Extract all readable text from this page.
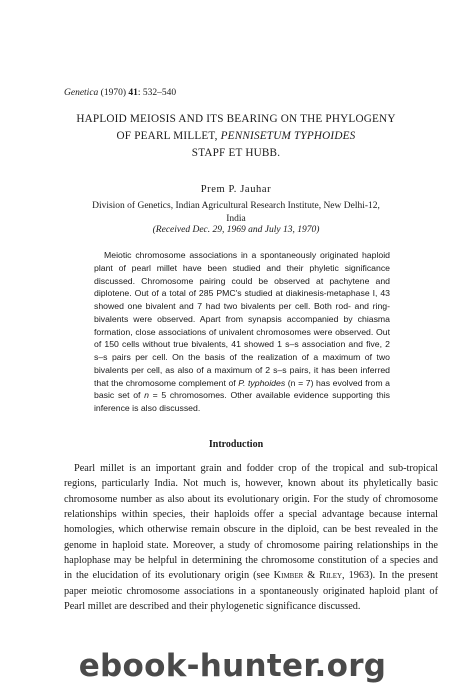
Genetica (1970) 41: 532–540
HAPLOID MEIOSIS AND ITS BEARING ON THE PHYLOGENY
OF PEARL MILLET, PENNISETUM TYPHOIDES
STAPF ET HUBB.
Prem P. Jauhar
Division of Genetics, Indian Agricultural Research Institute, New Delhi-12,
India
(Received Dec. 29, 1969 and July 13, 1970)

Meiotic chromosome associations in a spontaneously originated haploid plant of pearl millet have been studied and their phyletic significance discussed. Chromosome pairing could be observed at pachytene and diplotene. Out of a total of 285 PMC's studied at diakinesis-metaphase I, 43 showed one bivalent and 7 had two bivalents per cell. Both rod- and ring-bivalents were observed. Apart from synapsis accompanied by chiasma formation, close associations of univalent chromosomes were observed. Out of 150 cells without true bivalents, 41 showed 1 s–s association and five, 2 s–s pairs per cell. On the basis of the realization of a maximum of two bivalents per cell, as also of a maximum of 2 s–s pairs, it has been inferred that the chromosome complement of P. typhoides (n = 7) has evolved from a basic set of n = 5 chromosomes. Other available evidence supporting this inference is also discussed.

Introduction

Pearl millet is an important grain and fodder crop of the tropical and sub-tropical regions, particularly India. Not much is, however, known about its phyletically basic chromosome number as also about its evolutionary origin. For the study of chromosome relationships within species, their haploids offer a special advantage because internal homologies, which otherwise remain obscure in the diploid, can be best revealed in the genome in haploid state. Moreover, a study of chromosome pairing relationships in the haplophase may be helpful in determining the chromosome constitution of a species and in the elucidation of its evolutionary origin (see Kimber & Riley, 1963). In the present paper meiotic chromosome associations in a spontaneously originated haploid plant of Pearl millet are described and their phylogenetic significance discussed.

ebook-hunter.org
